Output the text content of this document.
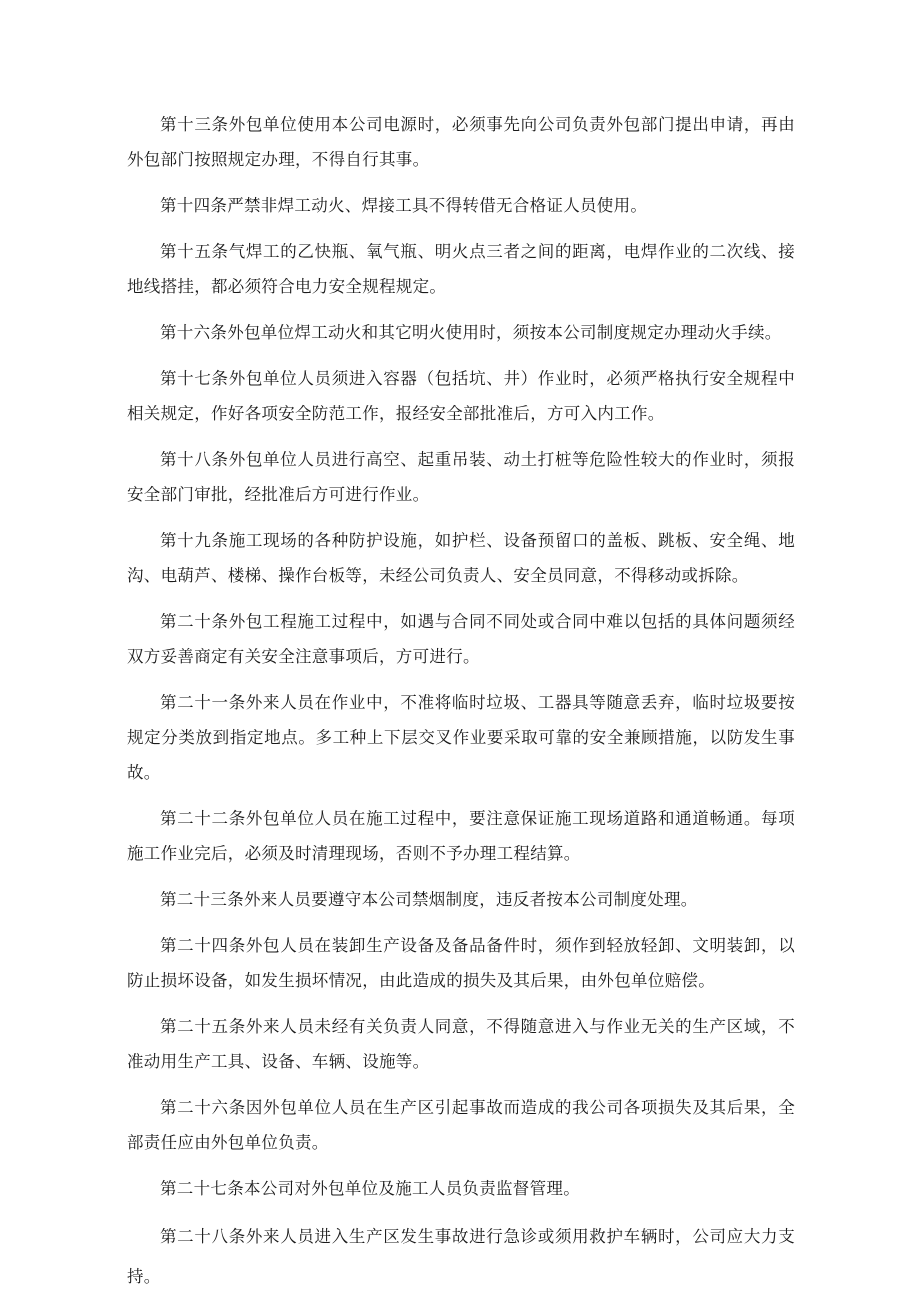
第十三条外包单位使用本公司电源时，必须事先向公司负责外包部门提出申请，再由外包部门按照规定办理，不得自行其事。

第十四条严禁非焊工动火、焊接工具不得转借无合格证人员使用。

第十五条气焊工的乙快瓶、氧气瓶、明火点三者之间的距离，电焊作业的二次线、接地线搭挂，都必须符合电力安全规程规定。

第十六条外包单位焊工动火和其它明火使用时，须按本公司制度规定办理动火手续。

第十七条外包单位人员须进入容器（包括坑、井）作业时，必须严格执行安全规程中相关规定，作好各项安全防范工作，报经安全部批准后，方可入内工作。

第十八条外包单位人员进行高空、起重吊装、动土打桩等危险性较大的作业时，须报安全部门审批，经批准后方可进行作业。

第十九条施工现场的各种防护设施，如护栏、设备预留口的盖板、跳板、安全绳、地沟、电葫芦、楼梯、操作台板等，未经公司负责人、安全员同意，不得移动或拆除。

第二十条外包工程施工过程中，如遇与合同不同处或合同中难以包括的具体问题须经双方妥善商定有关安全注意事项后，方可进行。

第二十一条外来人员在作业中，不准将临时垃圾、工器具等随意丢弃，临时垃圾要按规定分类放到指定地点。多工种上下层交叉作业要采取可靠的安全兼顾措施，以防发生事故。

第二十二条外包单位人员在施工过程中，要注意保证施工现场道路和通道畅通。每项施工作业完后，必须及时清理现场，否则不予办理工程结算。

第二十三条外来人员要遵守本公司禁烟制度，违反者按本公司制度处理。

第二十四条外包人员在装卸生产设备及备品备件时，须作到轻放轻卸、文明装卸，以防止损坏设备，如发生损坏情况，由此造成的损失及其后果，由外包单位赔偿。

第二十五条外来人员未经有关负责人同意，不得随意进入与作业无关的生产区域，不准动用生产工具、设备、车辆、设施等。

第二十六条因外包单位人员在生产区引起事故而造成的我公司各项损失及其后果，全部责任应由外包单位负责。

第二十七条本公司对外包单位及施工人员负责监督管理。

第二十八条外来人员进入生产区发生事故进行急诊或须用救护车辆时，公司应大力支持。
